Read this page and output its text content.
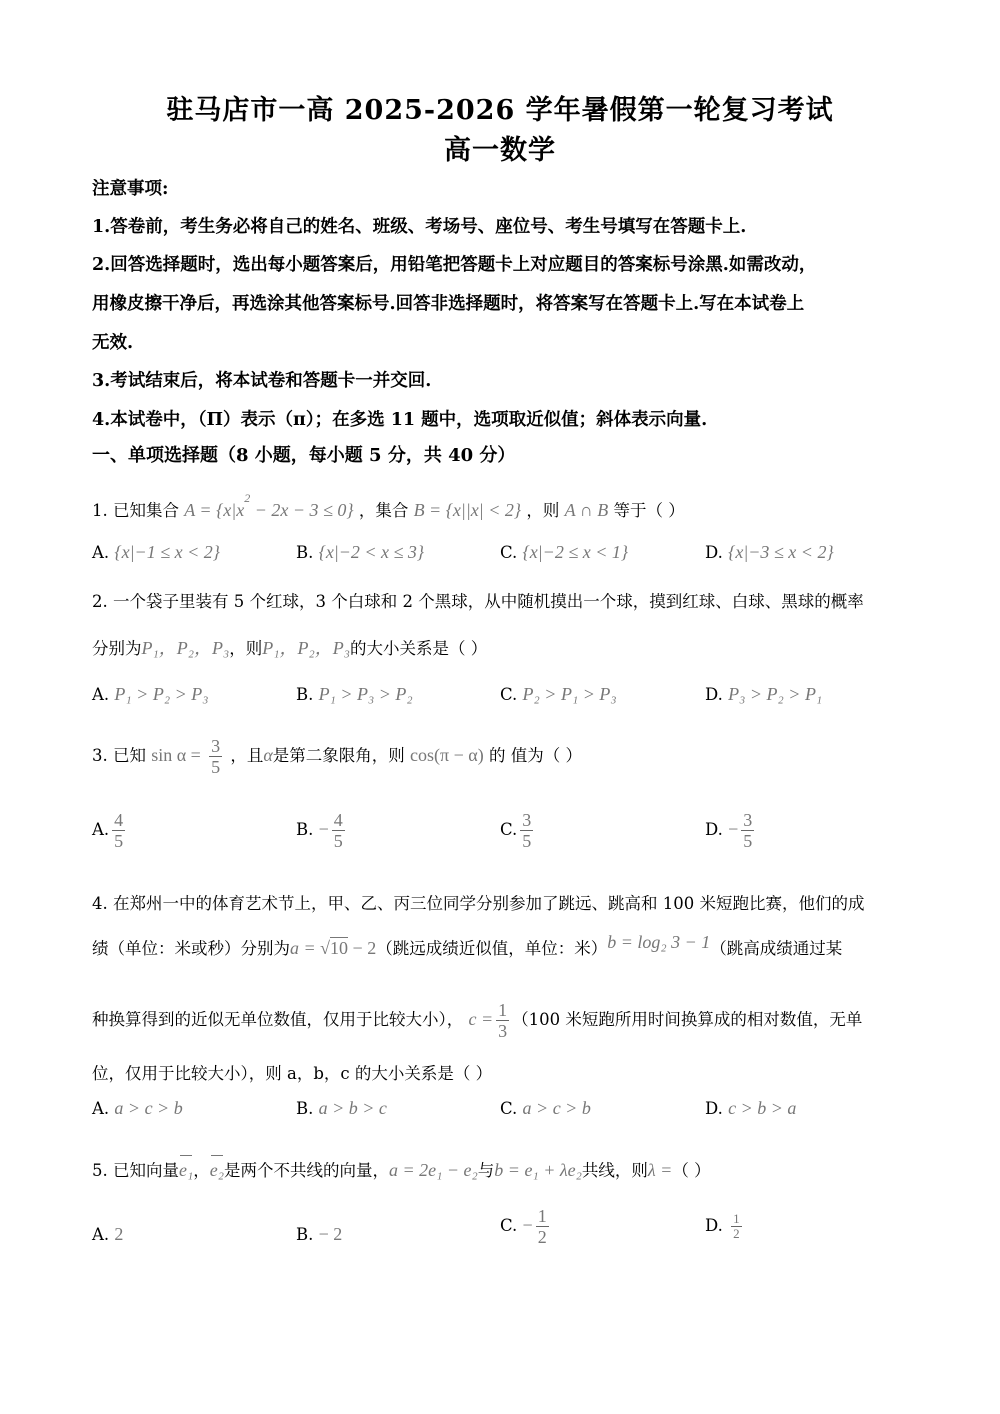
驻马店市一高 2025-2026 学年暑假第一轮复习考试
高一数学
注意事项:
1.答卷前，考生务必将自己的姓名、班级、考场号、座位号、考生号填写在答题卡上.
2.回答选择题时，选出每小题答案后，用铅笔把答题卡上对应题目的答案标号涂黑.如需改动，
用橡皮擦干净后，再选涂其他答案标号.回答非选择题时，将答案写在答题卡上.写在本试卷上
无效.
3.考试结束后，将本试卷和答题卡一并交回.
4.本试卷中，（Π）表示（π）；在多选 11 题中，选项取近似值；斜体表示向量.
一、单项选择题（8 小题，每小题 5 分，共 40 分）
1. 已知集合 $A = \{x|x^2 - 2x - 3 \le 0\}$ ，集合 B = {x||x| < 2} ，则 A ∩ B 等于（ ）
A. {x|−1 ≤ x < 2}	B. {x|−2 < x ≤ 3}	C. {x|−2 ≤ x < 1}	D. {x|−3 ≤ x < 2}
2. 一个袋子里装有 5 个红球，3 个白球和 2 个黑球，从中随机摸出一个球，摸到红球、白球、黑球的概率
分别为P₁，P₂，P₃，则P₁，P₂，P₃的大小关系是（ ）
A. P₁ > P₂ > P₃	B. P₁ > P₃ > P₂	C. P₂ > P₁ > P₃	D. P₃ > P₂ > P₁
3. 已知 $\sin \alpha = \frac{3}{5}$ ，且α是第二象限角，则 cos(π − α) 的 值为（ ）
A. $\frac{4}{5}$	B. − $\frac{4}{5}$	C. $\frac{3}{5}$	D. − $\frac{3}{5}$
4. 在郑州一中的体育艺术节上，甲、乙、丙三位同学分别参加了跳远、跳高和 100 米短跑比赛，他们的成
绩（单位：米或秒）分别为a = √10 − 2（跳远成绩近似值，单位：米）b = log₂ 3 − 1（跳高成绩通过某
种换算得到的近似无单位数值，仅用于比较大小）， $c = \frac{1}{3} (100$ 米短跑所用时间换算成的相对数值，无单
位，仅用于比较大小），则 a，b，c 的大小关系是（ ）
A. a > c > b	B. a > b > c	C. a > c > b	D. c > b > a
5. 已知向量e₁，e₂是两个不共线的向量，a = 2e₁ − e₂与b = e₁ + λe₂共线，则λ =（ ）
A. 2	B. − 2	C. − $\frac{1}{2}$	D. $\frac{1}{2}$
